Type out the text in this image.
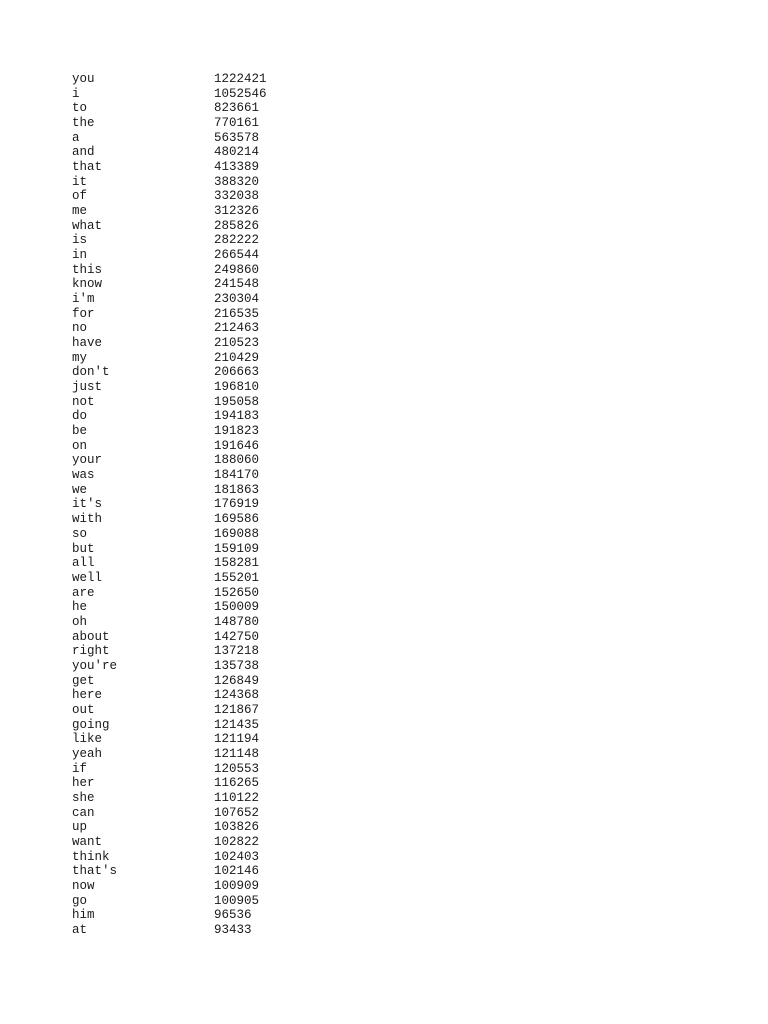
you	1222421
i	1052546
to	823661
the	770161
a	563578
and	480214
that	413389
it	388320
of	332038
me	312326
what	285826
is	282222
in	266544
this	249860
know	241548
i'm	230304
for	216535
no	212463
have	210523
my	210429
don't	206663
just	196810
not	195058
do	194183
be	191823
on	191646
your	188060
was	184170
we	181863
it's	176919
with	169586
so	169088
but	159109
all	158281
well	155201
are	152650
he	150009
oh	148780
about	142750
right	137218
you're	135738
get	126849
here	124368
out	121867
going	121435
like	121194
yeah	121148
if	120553
her	116265
she	110122
can	107652
up	103826
want	102822
think	102403
that's	102146
now	100909
go	100905
him	96536
at	93433
